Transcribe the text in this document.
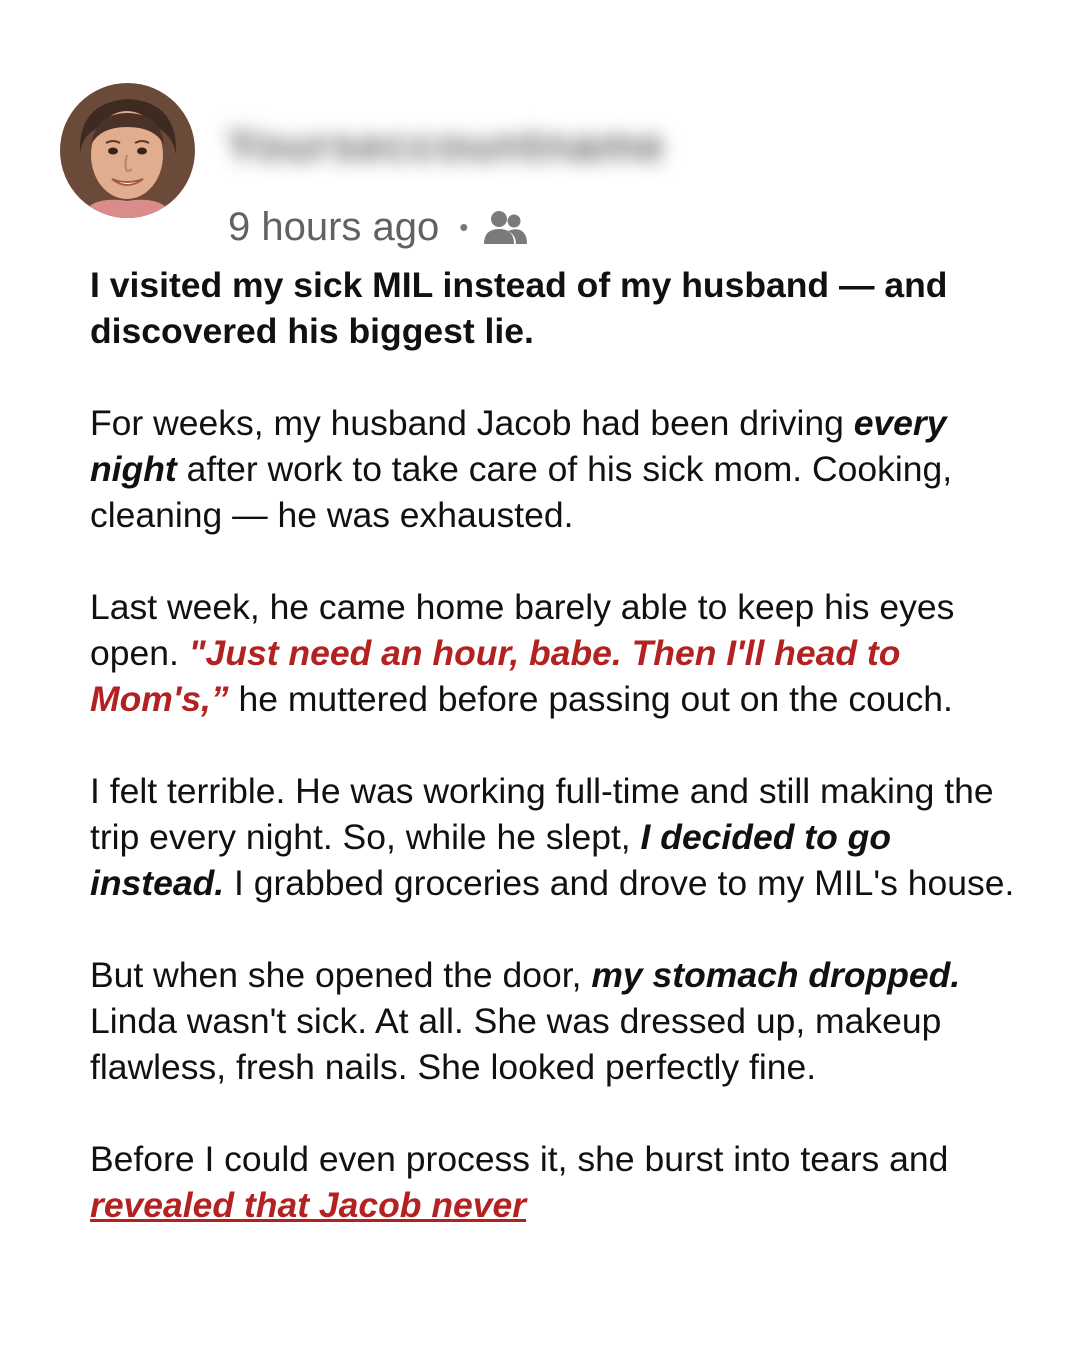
Yourseccountname
9 hours ago •

I visited my sick MIL instead of my husband — and discovered his biggest lie.

For weeks, my husband Jacob had been driving every night after work to take care of his sick mom. Cooking, cleaning — he was exhausted.

Last week, he came home barely able to keep his eyes open. "Just need an hour, babe. Then I'll head to Mom's,” he muttered before passing out on the couch.

I felt terrible. He was working full-time and still making the trip every night. So, while he slept, I decided to go instead. I grabbed groceries and drove to my MIL's house.

But when she opened the door, my stomach dropped. Linda wasn't sick. At all. She was dressed up, makeup flawless, fresh nails. She looked perfectly fine.

Before I could even process it, she burst into tears and revealed that Jacob never
